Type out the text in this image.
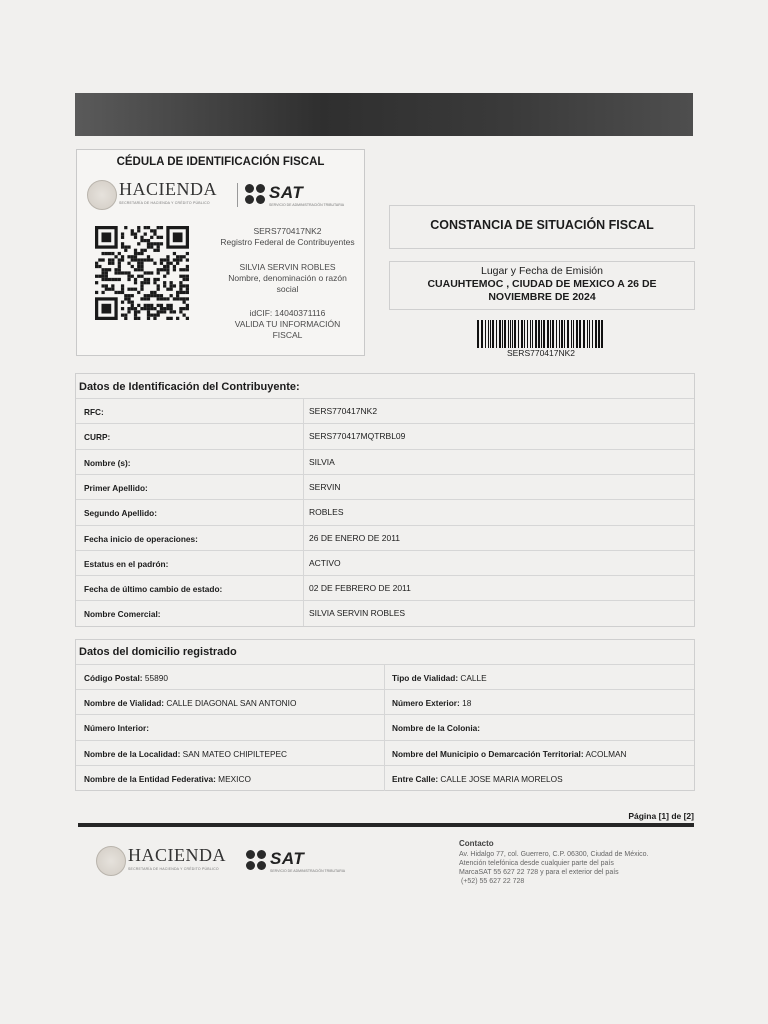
CÉDULA DE IDENTIFICACIÓN FISCAL
HACIENDA
SECRETARÍA DE HACIENDA Y CRÉDITO PÚBLICO
SAT
SERVICIO DE ADMINISTRACIÓN TRIBUTARIA
SERS770417NK2
Registro Federal de Contribuyentes
SILVIA SERVIN ROBLES
Nombre, denominación o razón
social
idCIF: 14040371116
VALIDA TU INFORMACIÓN
FISCAL
CONSTANCIA DE SITUACIÓN FISCAL
Lugar y Fecha de Emisión
CUAUHTEMOC , CIUDAD DE MEXICO A 26 DE
NOVIEMBRE DE 2024
SERS770417NK2
Datos de Identificación del Contribuyente:
RFC:	SERS770417NK2
CURP:	SERS770417MQTRBL09
Nombre (s):	SILVIA
Primer Apellido:	SERVIN
Segundo Apellido:	ROBLES
Fecha inicio de operaciones:	26 DE ENERO DE 2011
Estatus en el padrón:	ACTIVO
Fecha de último cambio de estado:	02 DE FEBRERO DE 2011
Nombre Comercial:	SILVIA SERVIN ROBLES
Datos del domicilio registrado
Código Postal: 55890	Tipo de Vialidad: CALLE
Nombre de Vialidad: CALLE DIAGONAL SAN ANTONIO	Número Exterior: 18
Número Interior:	Nombre de la Colonia:
Nombre de la Localidad: SAN MATEO CHIPILTEPEC	Nombre del Municipio o Demarcación Territorial: ACOLMAN
Nombre de la Entidad Federativa: MEXICO	Entre Calle: CALLE JOSE MARIA MORELOS
Página [1] de [2]
HACIENDA
SECRETARÍA DE HACIENDA Y CRÉDITO PÚBLICO
SAT
SERVICIO DE ADMINISTRACIÓN TRIBUTARIA
Contacto
Av. Hidalgo 77, col. Guerrero, C.P. 06300, Ciudad de México.
Atención telefónica desde cualquier parte del país
MarcaSAT 55 627 22 728 y para el exterior del país
(+52) 55 627 22 728
